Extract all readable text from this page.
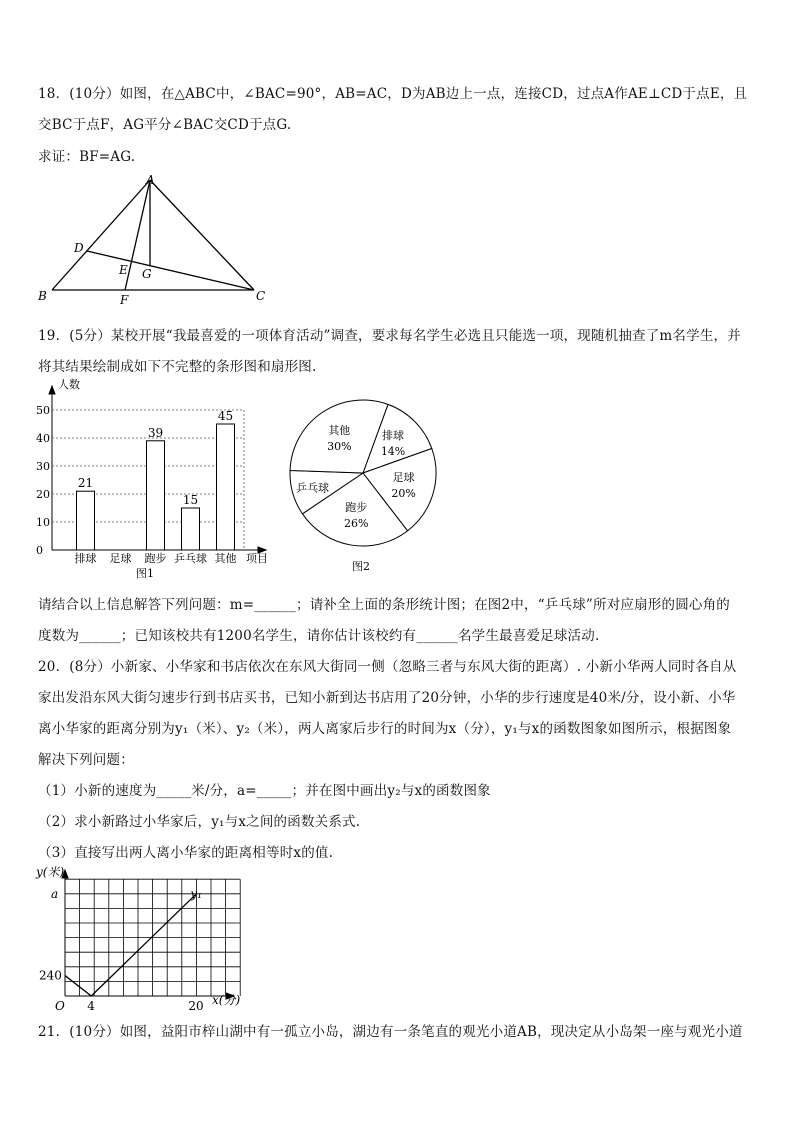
18．(10分）如图，在△ABC中，∠BAC=90°，AB=AC，D为AB边上一点，连接CD，过点A作AE⊥CD于点E，且
交BC于点F，AG平分∠BAC交CD于点G.
求证：BF=AG.
A
B	C
D
E
F
G
19．(5分）某校开展“我最喜爱的一项体育活动”调查，要求每名学生必选且只能选一项，现随机抽查了m名学生，并
将其结果绘制成如下不完整的条形图和扇形图.
0
10
20
30
40
50
21
排球 足球
39
跑步
15
乒乓球
45
其他
人数
项目
图1
排球
14%
足球
20%
跑步
26%
乒乓球
其他
30%
图2
请结合以上信息解答下列问题：m=______；请补全上面的条形统计图；在图2中，“乒乓球”所对应扇形的圆心角的
度数为______；已知该校共有1200名学生，请你估计该校约有______名学生最喜爱足球活动.
20．(8分）小新家、小华家和书店依次在东风大街同一侧（忽略三者与东风大街的距离）. 小新小华两人同时各自从
家出发沿东风大街匀速步行到书店买书，已知小新到达书店用了20分钟，小华的步行速度是40米/分，设小新、小华
离小华家的距离分别为y₁（米）、y₂（米），两人离家后步行的时间为x（分），y₁与x的函数图象如图所示，根据图象
解决下列问题：
（1）小新的速度为_____米/分，a=_____；并在图中画出y₂与x的函数图象
（2）求小新路过小华家后，y₁与x之间的函数关系式.
（3）直接写出两人离小华家的距离相等时x的值.
y₁
O 4	20
240
a
y(米)
x(分)
21．(10分）如图，益阳市梓山湖中有一孤立小岛，湖边有一条笔直的观光小道AB，现决定从小岛架一座与观光小道
